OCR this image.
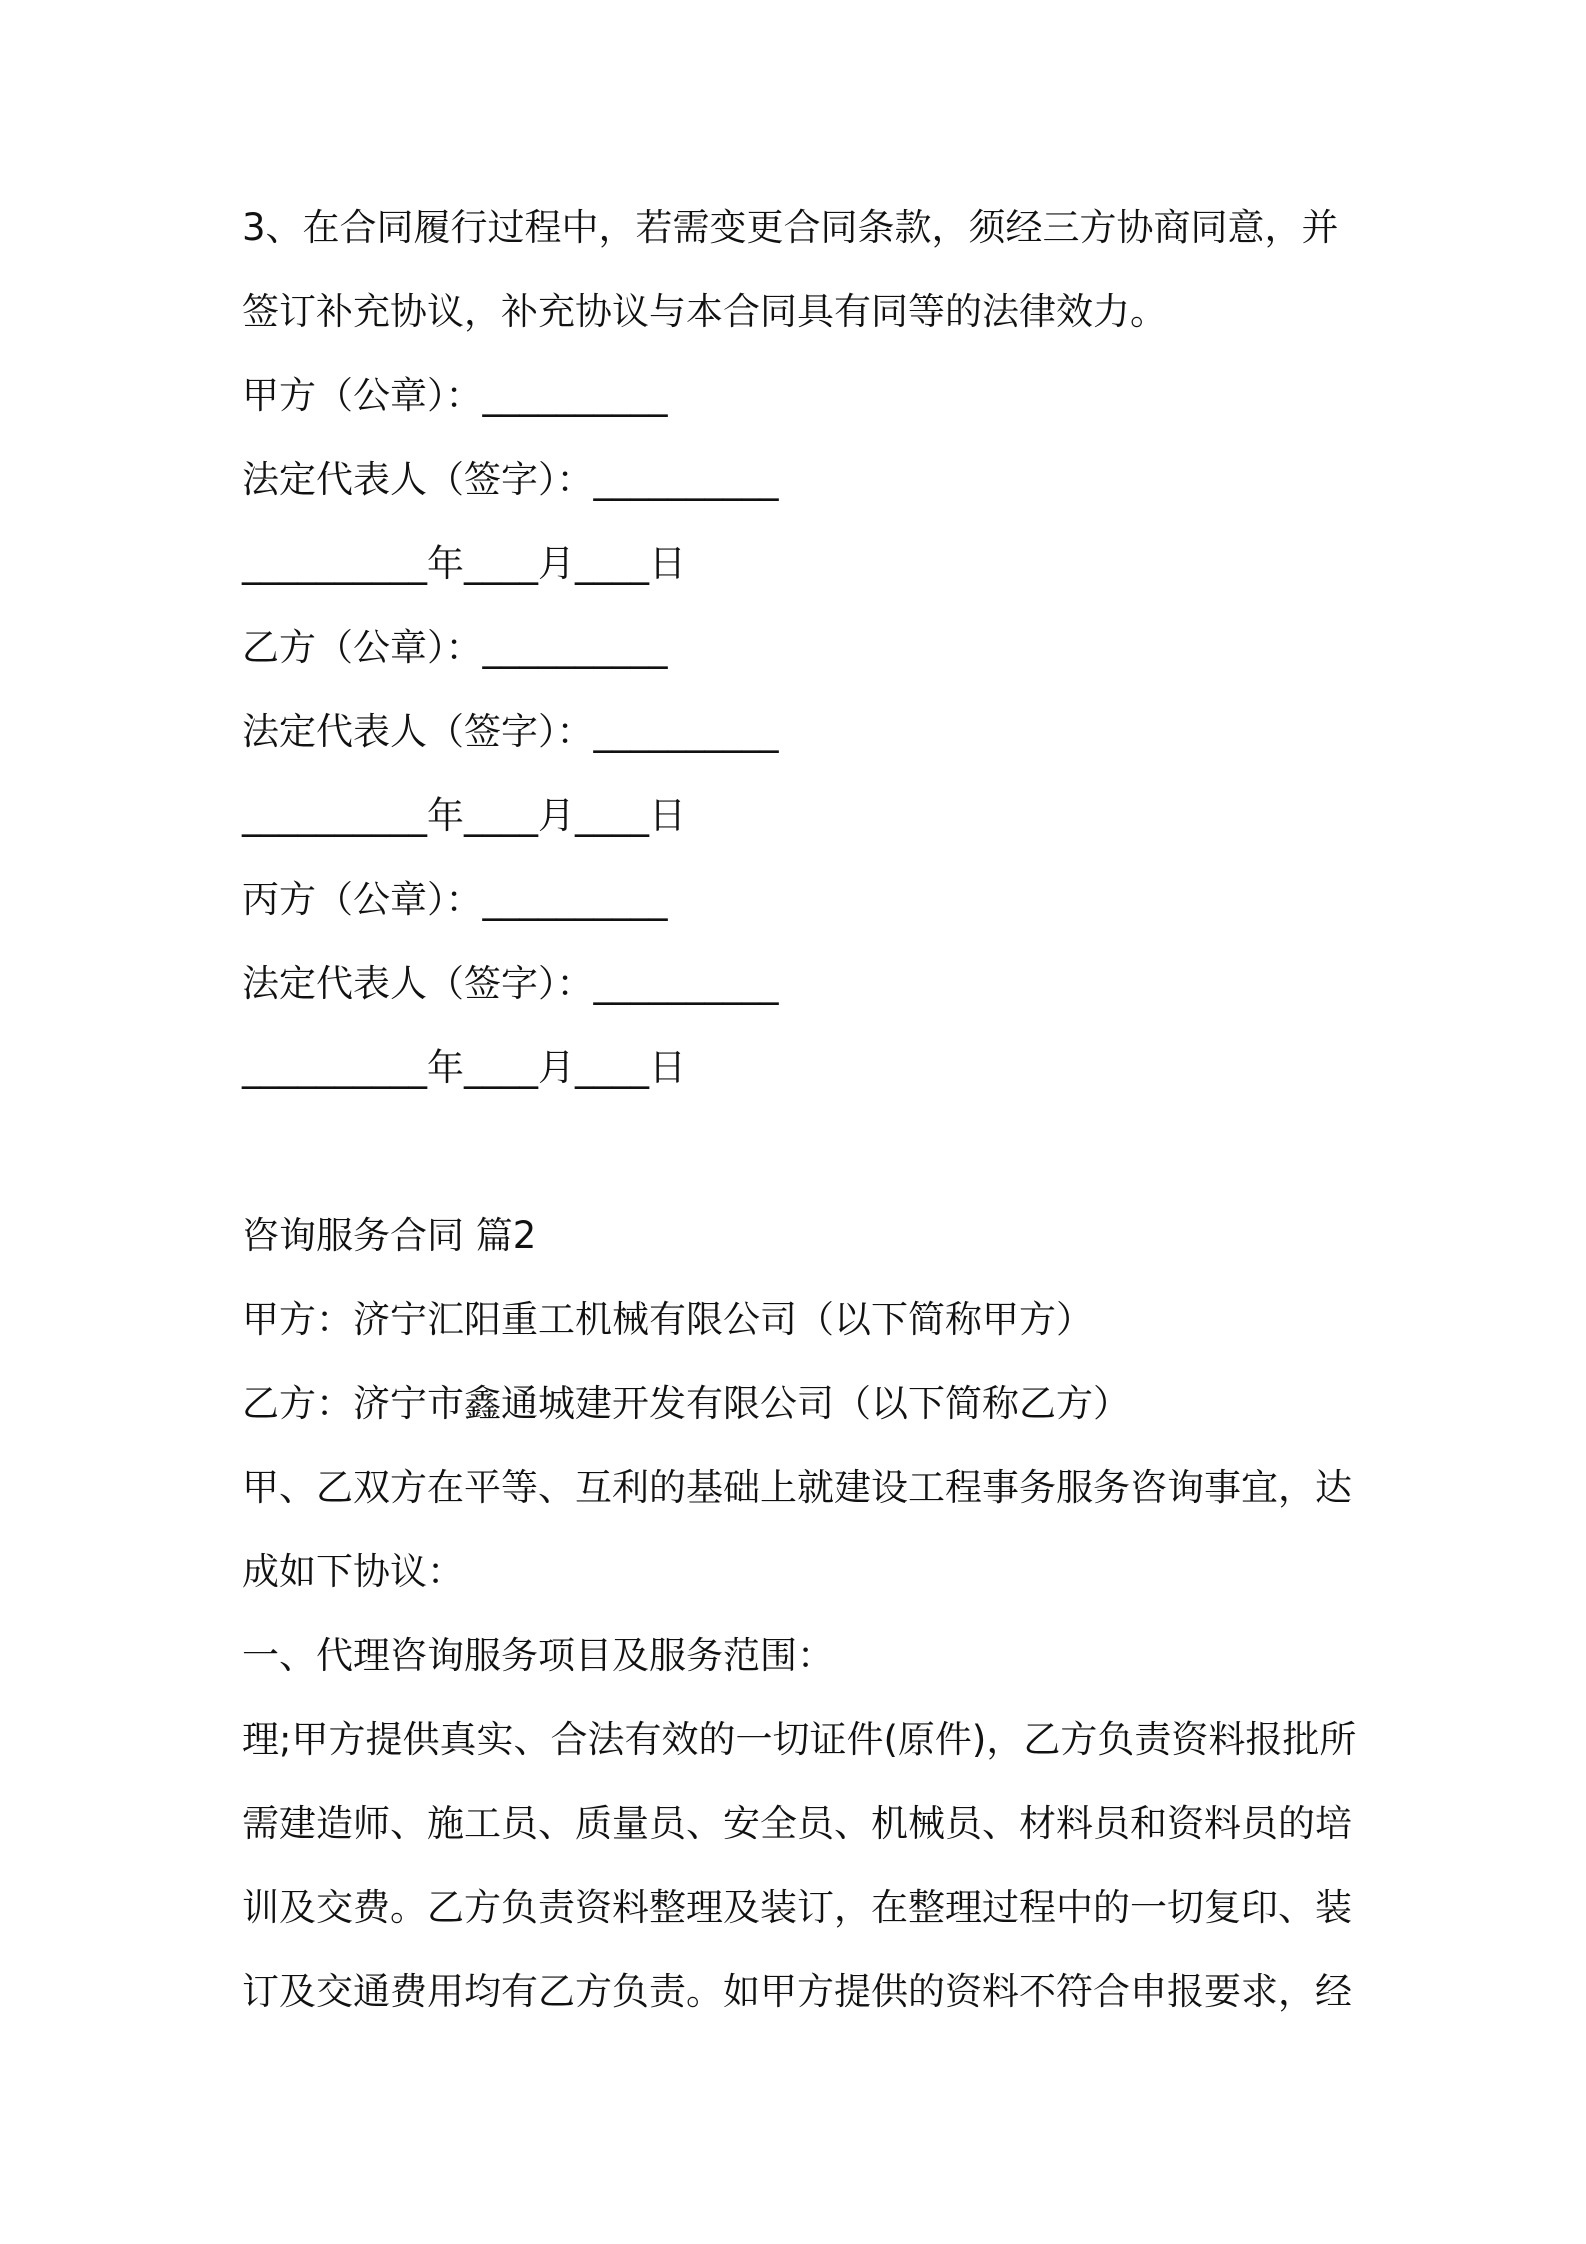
3、在合同履行过程中，若需变更合同条款，须经三方协商同意，并
签订补充协议，补充协议与本合同具有同等的法律效力。
甲方（公章）：__________
法定代表人（签字）：__________
__________年____月____日
乙方（公章）：__________
法定代表人（签字）：__________
__________年____月____日
丙方（公章）：__________
法定代表人（签字）：__________
__________年____月____日
咨询服务合同 篇2
甲方：济宁汇阳重工机械有限公司（以下简称甲方）
乙方：济宁市鑫通城建开发有限公司（以下简称乙方）
甲、乙双方在平等、互利的基础上就建设工程事务服务咨询事宜，达
成如下协议：
一、代理咨询服务项目及服务范围：
理;甲方提供真实、合法有效的一切证件(原件)，乙方负责资料报批所
需建造师、施工员、质量员、安全员、机械员、材料员和资料员的培
训及交费。乙方负责资料整理及装订，在整理过程中的一切复印、装
订及交通费用均有乙方负责。如甲方提供的资料不符合申报要求，经
